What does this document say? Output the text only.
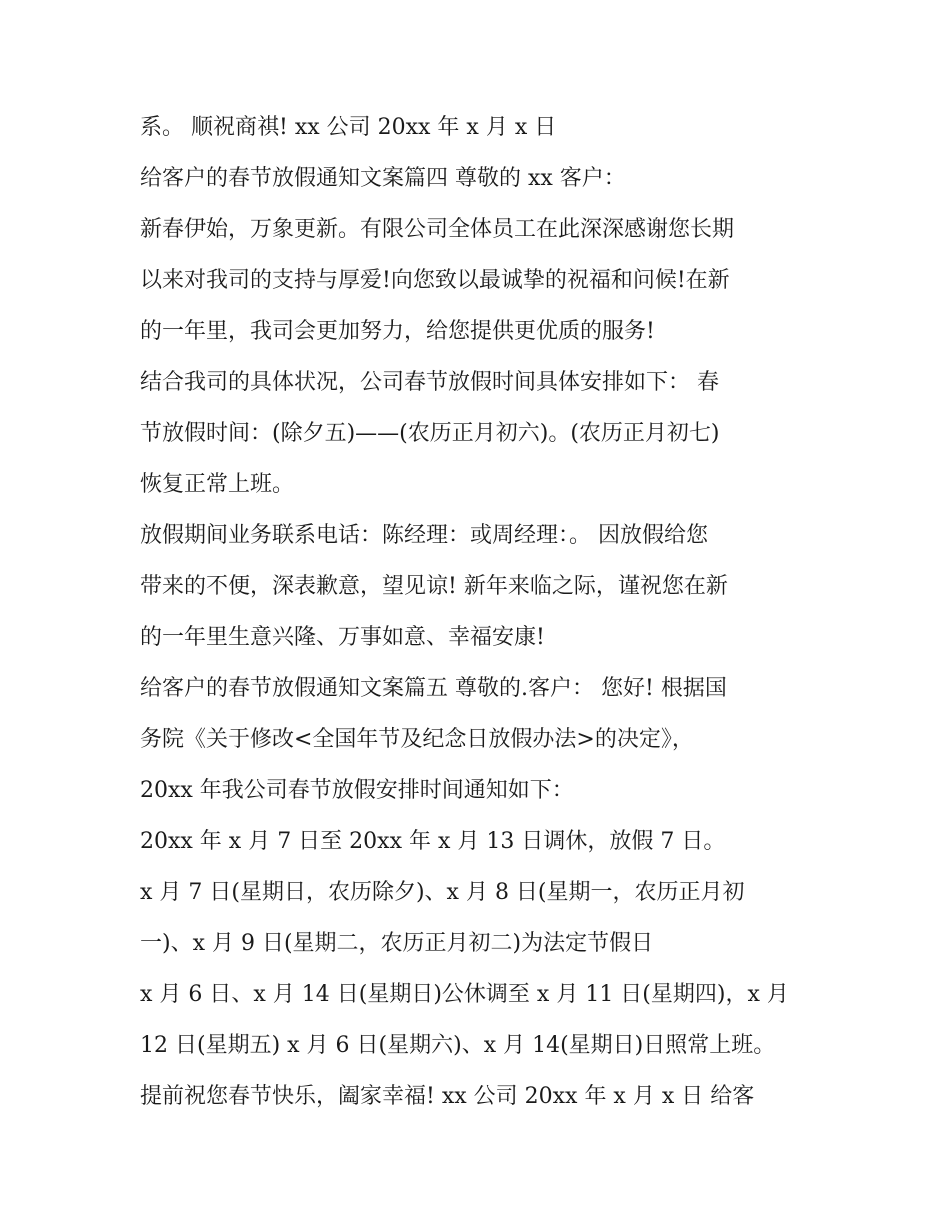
系。 顺祝商祺! xx 公司 20xx 年 x 月 x 日
给客户的春节放假通知文案篇四 尊敬的 xx 客户：
新春伊始，万象更新。有限公司全体员工在此深深感谢您长期
以来对我司的支持与厚爱!向您致以最诚挚的祝福和问候!在新
的一年里，我司会更加努力，给您提供更优质的服务!
结合我司的具体状况，公司春节放假时间具体安排如下： 春
节放假时间：(除夕五)——(农历正月初六)。(农历正月初七)
恢复正常上班。
放假期间业务联系电话：陈经理：或周经理：。 因放假给您
带来的不便，深表歉意，望见谅! 新年来临之际，谨祝您在新
的一年里生意兴隆、万事如意、幸福安康!
给客户的春节放假通知文案篇五 尊敬的.客户： 您好! 根据国
务院《关于修改<全国年节及纪念日放假办法>的决定》，
20xx 年我公司春节放假安排时间通知如下：
20xx 年 x 月 7 日至 20xx 年 x 月 13 日调休，放假 7 日。
x 月 7 日(星期日，农历除夕)、x 月 8 日(星期一，农历正月初
一)、x 月 9 日(星期二，农历正月初二)为法定节假日
x 月 6 日、x 月 14 日(星期日)公休调至 x 月 11 日(星期四)，x 月
12 日(星期五) x 月 6 日(星期六)、x 月 14(星期日)日照常上班。
提前祝您春节快乐，阖家幸福! xx 公司 20xx 年 x 月 x 日 给客
